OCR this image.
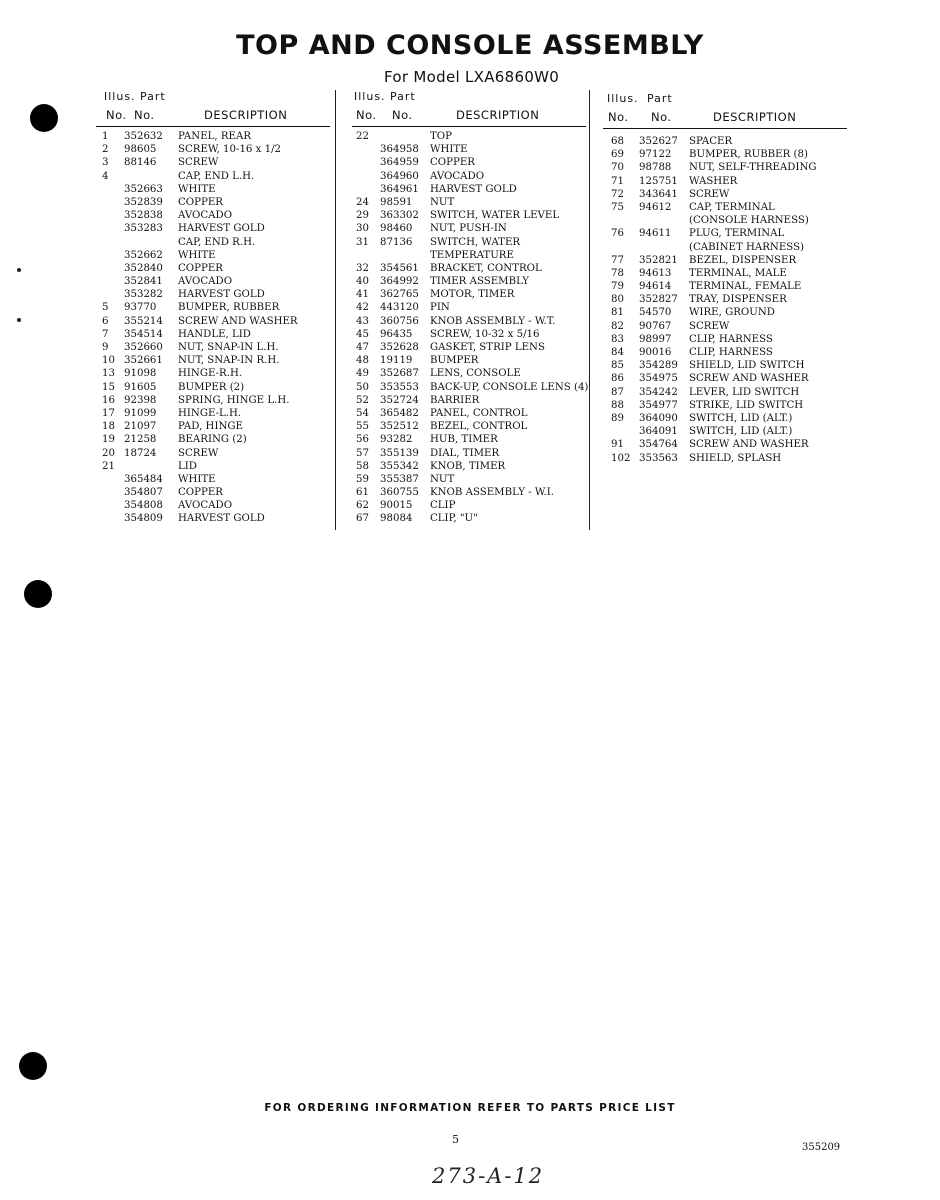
TOP AND CONSOLE ASSEMBLY
For Model LXA6860W0
Illus. Part
No. No.	DESCRIPTION
1 352632 PANEL, REAR
2 98605 SCREW, 10-16 x 1/2
3 88146 SCREW
4	CAP, END L.H.
352663 WHITE
352839 COPPER
352838 AVOCADO
353283 HARVEST GOLD
CAP, END R.H.
352662 WHITE
352840 COPPER
352841 AVOCADO
353282 HARVEST GOLD
5 93770 BUMPER, RUBBER
6 355214 SCREW AND WASHER
7 354514 HANDLE, LID
9 352660 NUT, SNAP-IN L.H.
10 352661 NUT, SNAP-IN R.H.
13 91098 HINGE-R.H.
15 91605 BUMPER (2)
16 92398 SPRING, HINGE L.H.
17 91099 HINGE-L.H.
18 21097 PAD, HINGE
19 21258 BEARING (2)
20 18724 SCREW
21	LID
365484 WHITE
354807 COPPER
354808 AVOCADO
354809 HARVEST GOLD
Illus. Part
No. No.	DESCRIPTION
22	TOP
364958 WHITE
364959 COPPER
364960 AVOCADO
364961 HARVEST GOLD
24 98591 NUT
29 363302 SWITCH, WATER LEVEL
30 98460 NUT, PUSH-IN
31 87136 SWITCH, WATER
TEMPERATURE
32 354561 BRACKET, CONTROL
40 364992 TIMER ASSEMBLY
41 362765 MOTOR, TIMER
42 443120 PIN
43 360756 KNOB ASSEMBLY - W.T.
45 96435 SCREW, 10-32 x 5/16
47 352628 GASKET, STRIP LENS
48 19119 BUMPER
49 352687 LENS, CONSOLE
50 353553 BACK-UP, CONSOLE LENS (4)
52 352724 BARRIER
54 365482 PANEL, CONTROL
55 352512 BEZEL, CONTROL
56 93282 HUB, TIMER
57 355139 DIAL, TIMER
58 355342 KNOB, TIMER
59 355387 NUT
61 360755 KNOB ASSEMBLY - W.I.
62 90015 CLIP
67 98084 CLIP, "U"
Illus. Part
No. No.	DESCRIPTION
68 352627 SPACER
69 97122 BUMPER, RUBBER (8)
70 98788 NUT, SELF-THREADING
71 125751 WASHER
72 343641 SCREW
75 94612 CAP, TERMINAL
(CONSOLE HARNESS)
76 94611 PLUG, TERMINAL
(CABINET HARNESS)
77 352821 BEZEL, DISPENSER
78 94613 TERMINAL, MALE
79 94614 TERMINAL, FEMALE
80 352827 TRAY, DISPENSER
81 54570 WIRE, GROUND
82 90767 SCREW
83 98997 CLIP, HARNESS
84 90016 CLIP, HARNESS
85 354289 SHIELD, LID SWITCH
86 354975 SCREW AND WASHER
87 354242 LEVER, LID SWITCH
88 354977 STRIKE, LID SWITCH
89 364090 SWITCH, LID (ALT.)
364091 SWITCH, LID (ALT.)
91 354764 SCREW AND WASHER
102 353563 SHIELD, SPLASH
FOR ORDERING INFORMATION REFER TO PARTS PRICE LIST
5
355209
273-A-12
